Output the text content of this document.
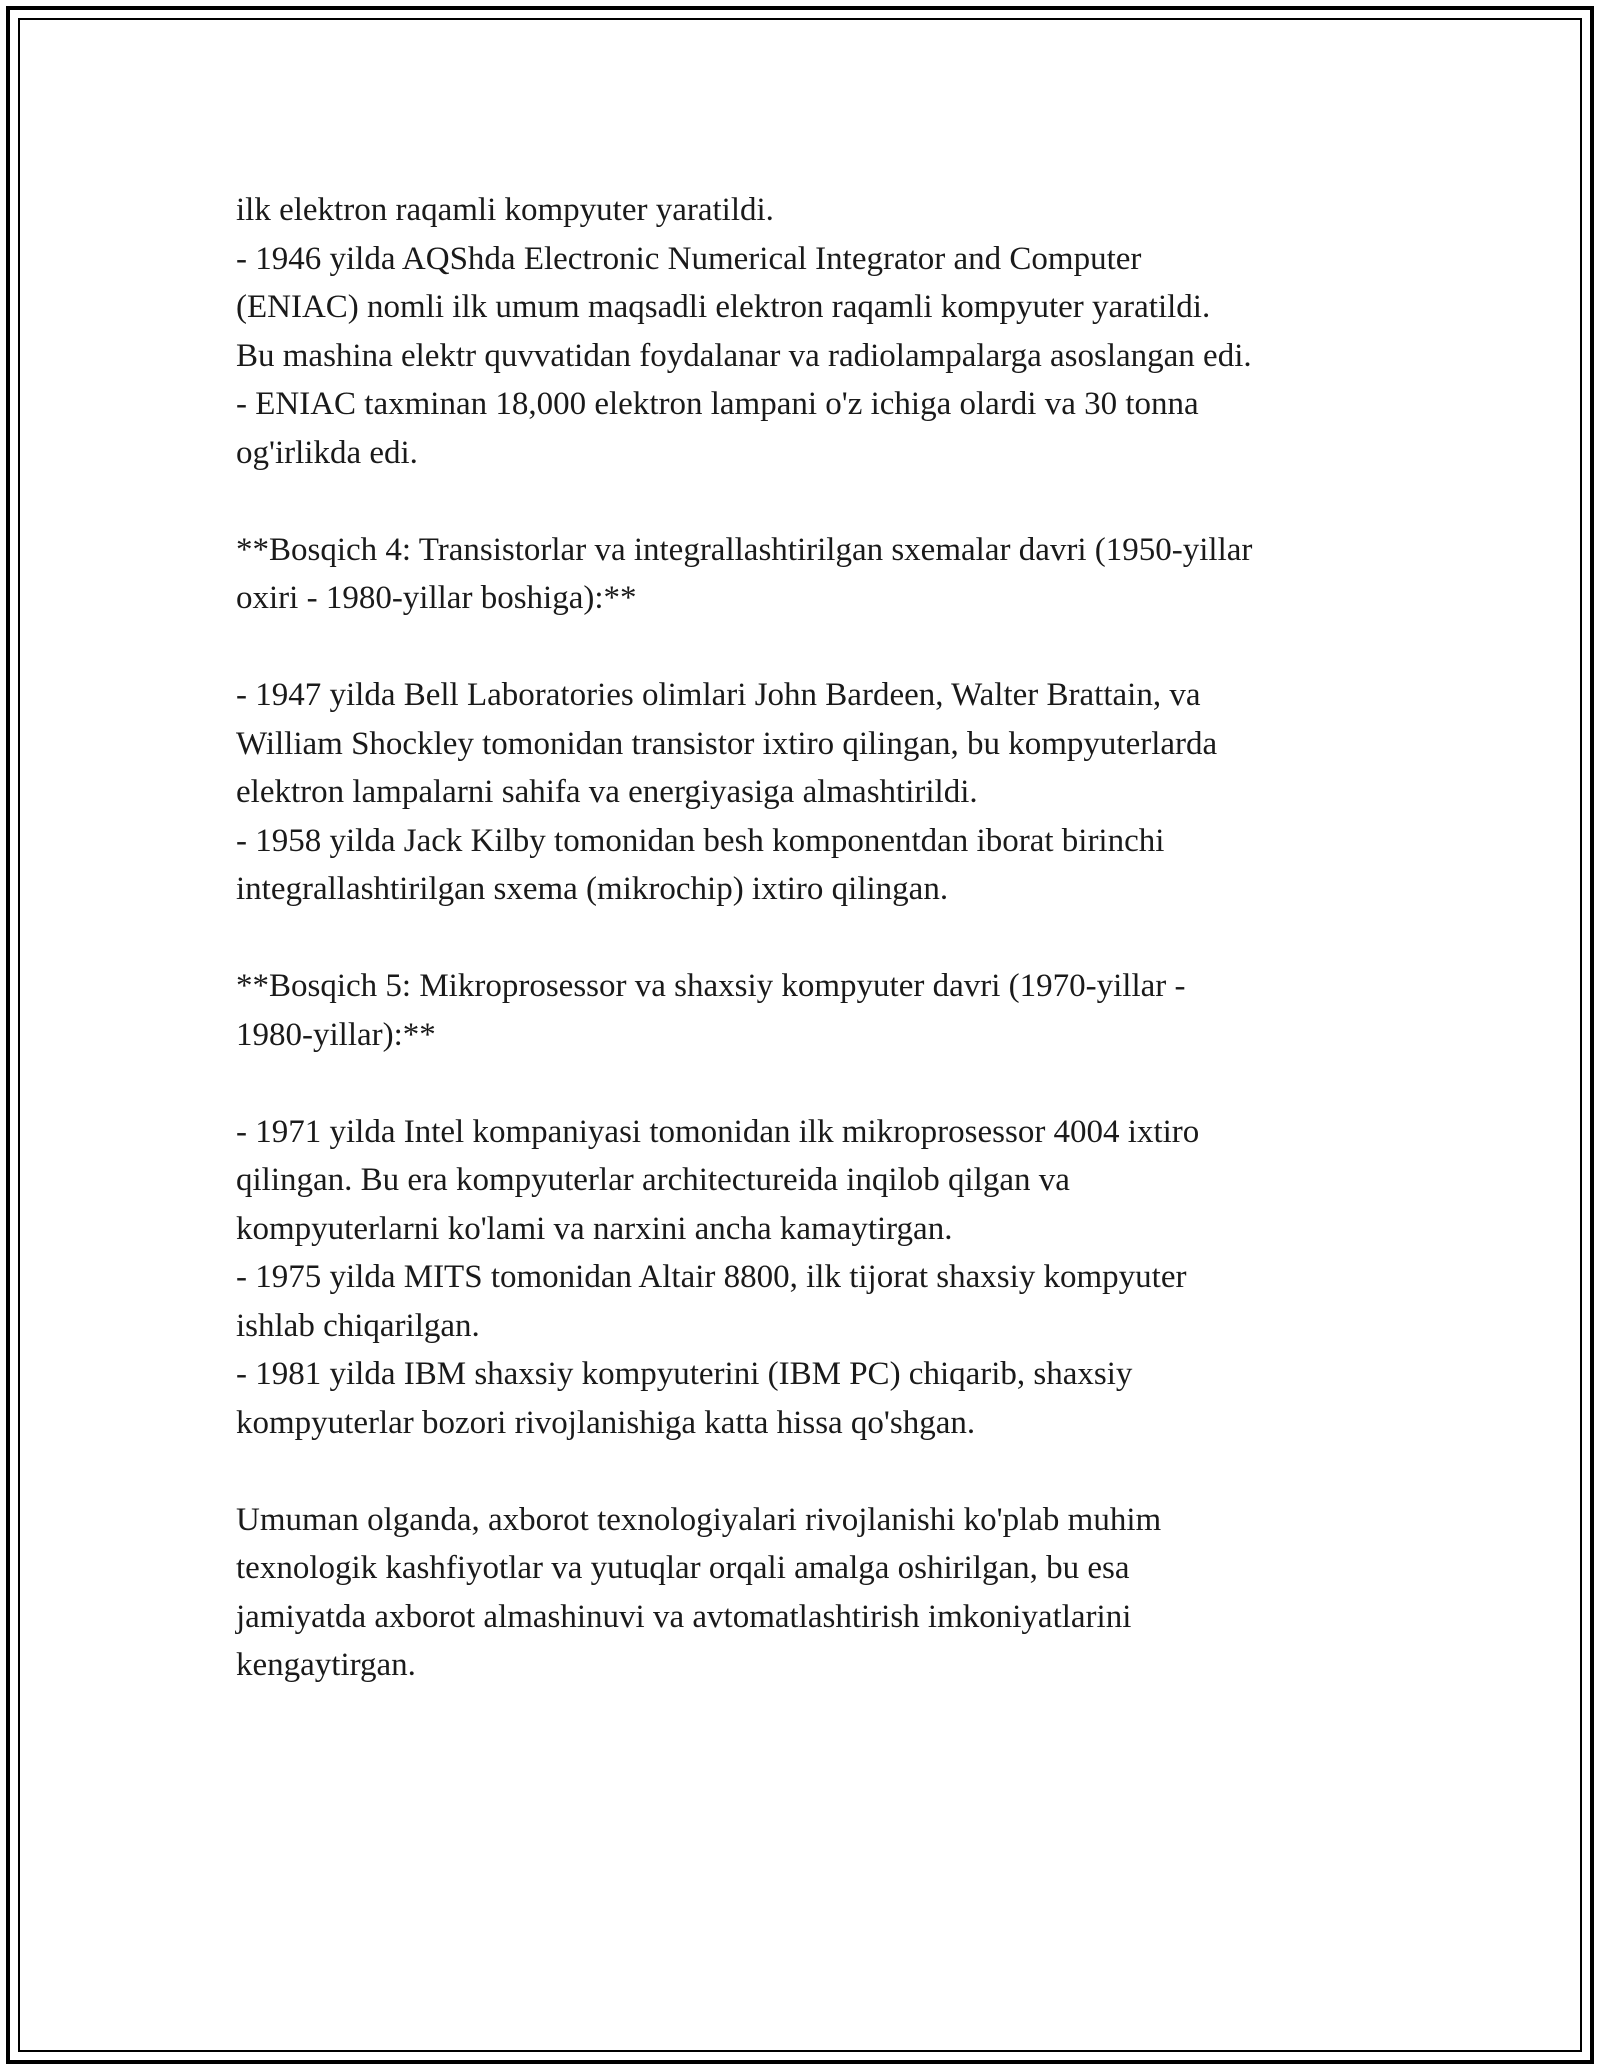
ilk elektron raqamli kompyuter yaratildi.
- 1946 yilda AQShda Electronic Numerical Integrator and Computer
(ENIAC) nomli ilk umum maqsadli elektron raqamli kompyuter yaratildi.
Bu mashina elektr quvvatidan foydalanar va radiolampalarga asoslangan edi.
- ENIAC taxminan 18,000 elektron lampani o'z ichiga olardi va 30 tonna
og'irlikda edi.

**Bosqich 4: Transistorlar va integrallashtirilgan sxemalar davri (1950-yillar
oxiri - 1980-yillar boshiga):**

- 1947 yilda Bell Laboratories olimlari John Bardeen, Walter Brattain, va
William Shockley tomonidan transistor ixtiro qilingan, bu kompyuterlarda
elektron lampalarni sahifa va energiyasiga almashtirildi.
- 1958 yilda Jack Kilby tomonidan besh komponentdan iborat birinchi
integrallashtirilgan sxema (mikrochip) ixtiro qilingan.

**Bosqich 5: Mikroprosessor va shaxsiy kompyuter davri (1970-yillar -
1980-yillar):**

- 1971 yilda Intel kompaniyasi tomonidan ilk mikroprosessor 4004 ixtiro
qilingan. Bu era kompyuterlar architectureida inqilob qilgan va
kompyuterlarni ko'lami va narxini ancha kamaytirgan.
- 1975 yilda MITS tomonidan Altair 8800, ilk tijorat shaxsiy kompyuter
ishlab chiqarilgan.
- 1981 yilda IBM shaxsiy kompyuterini (IBM PC) chiqarib, shaxsiy
kompyuterlar bozori rivojlanishiga katta hissa qo'shgan.

Umuman olganda, axborot texnologiyalari rivojlanishi ko'plab muhim
texnologik kashfiyotlar va yutuqlar orqali amalga oshirilgan, bu esa
jamiyatda axborot almashinuvi va avtomatlashtirish imkoniyatlarini
kengaytirgan.
